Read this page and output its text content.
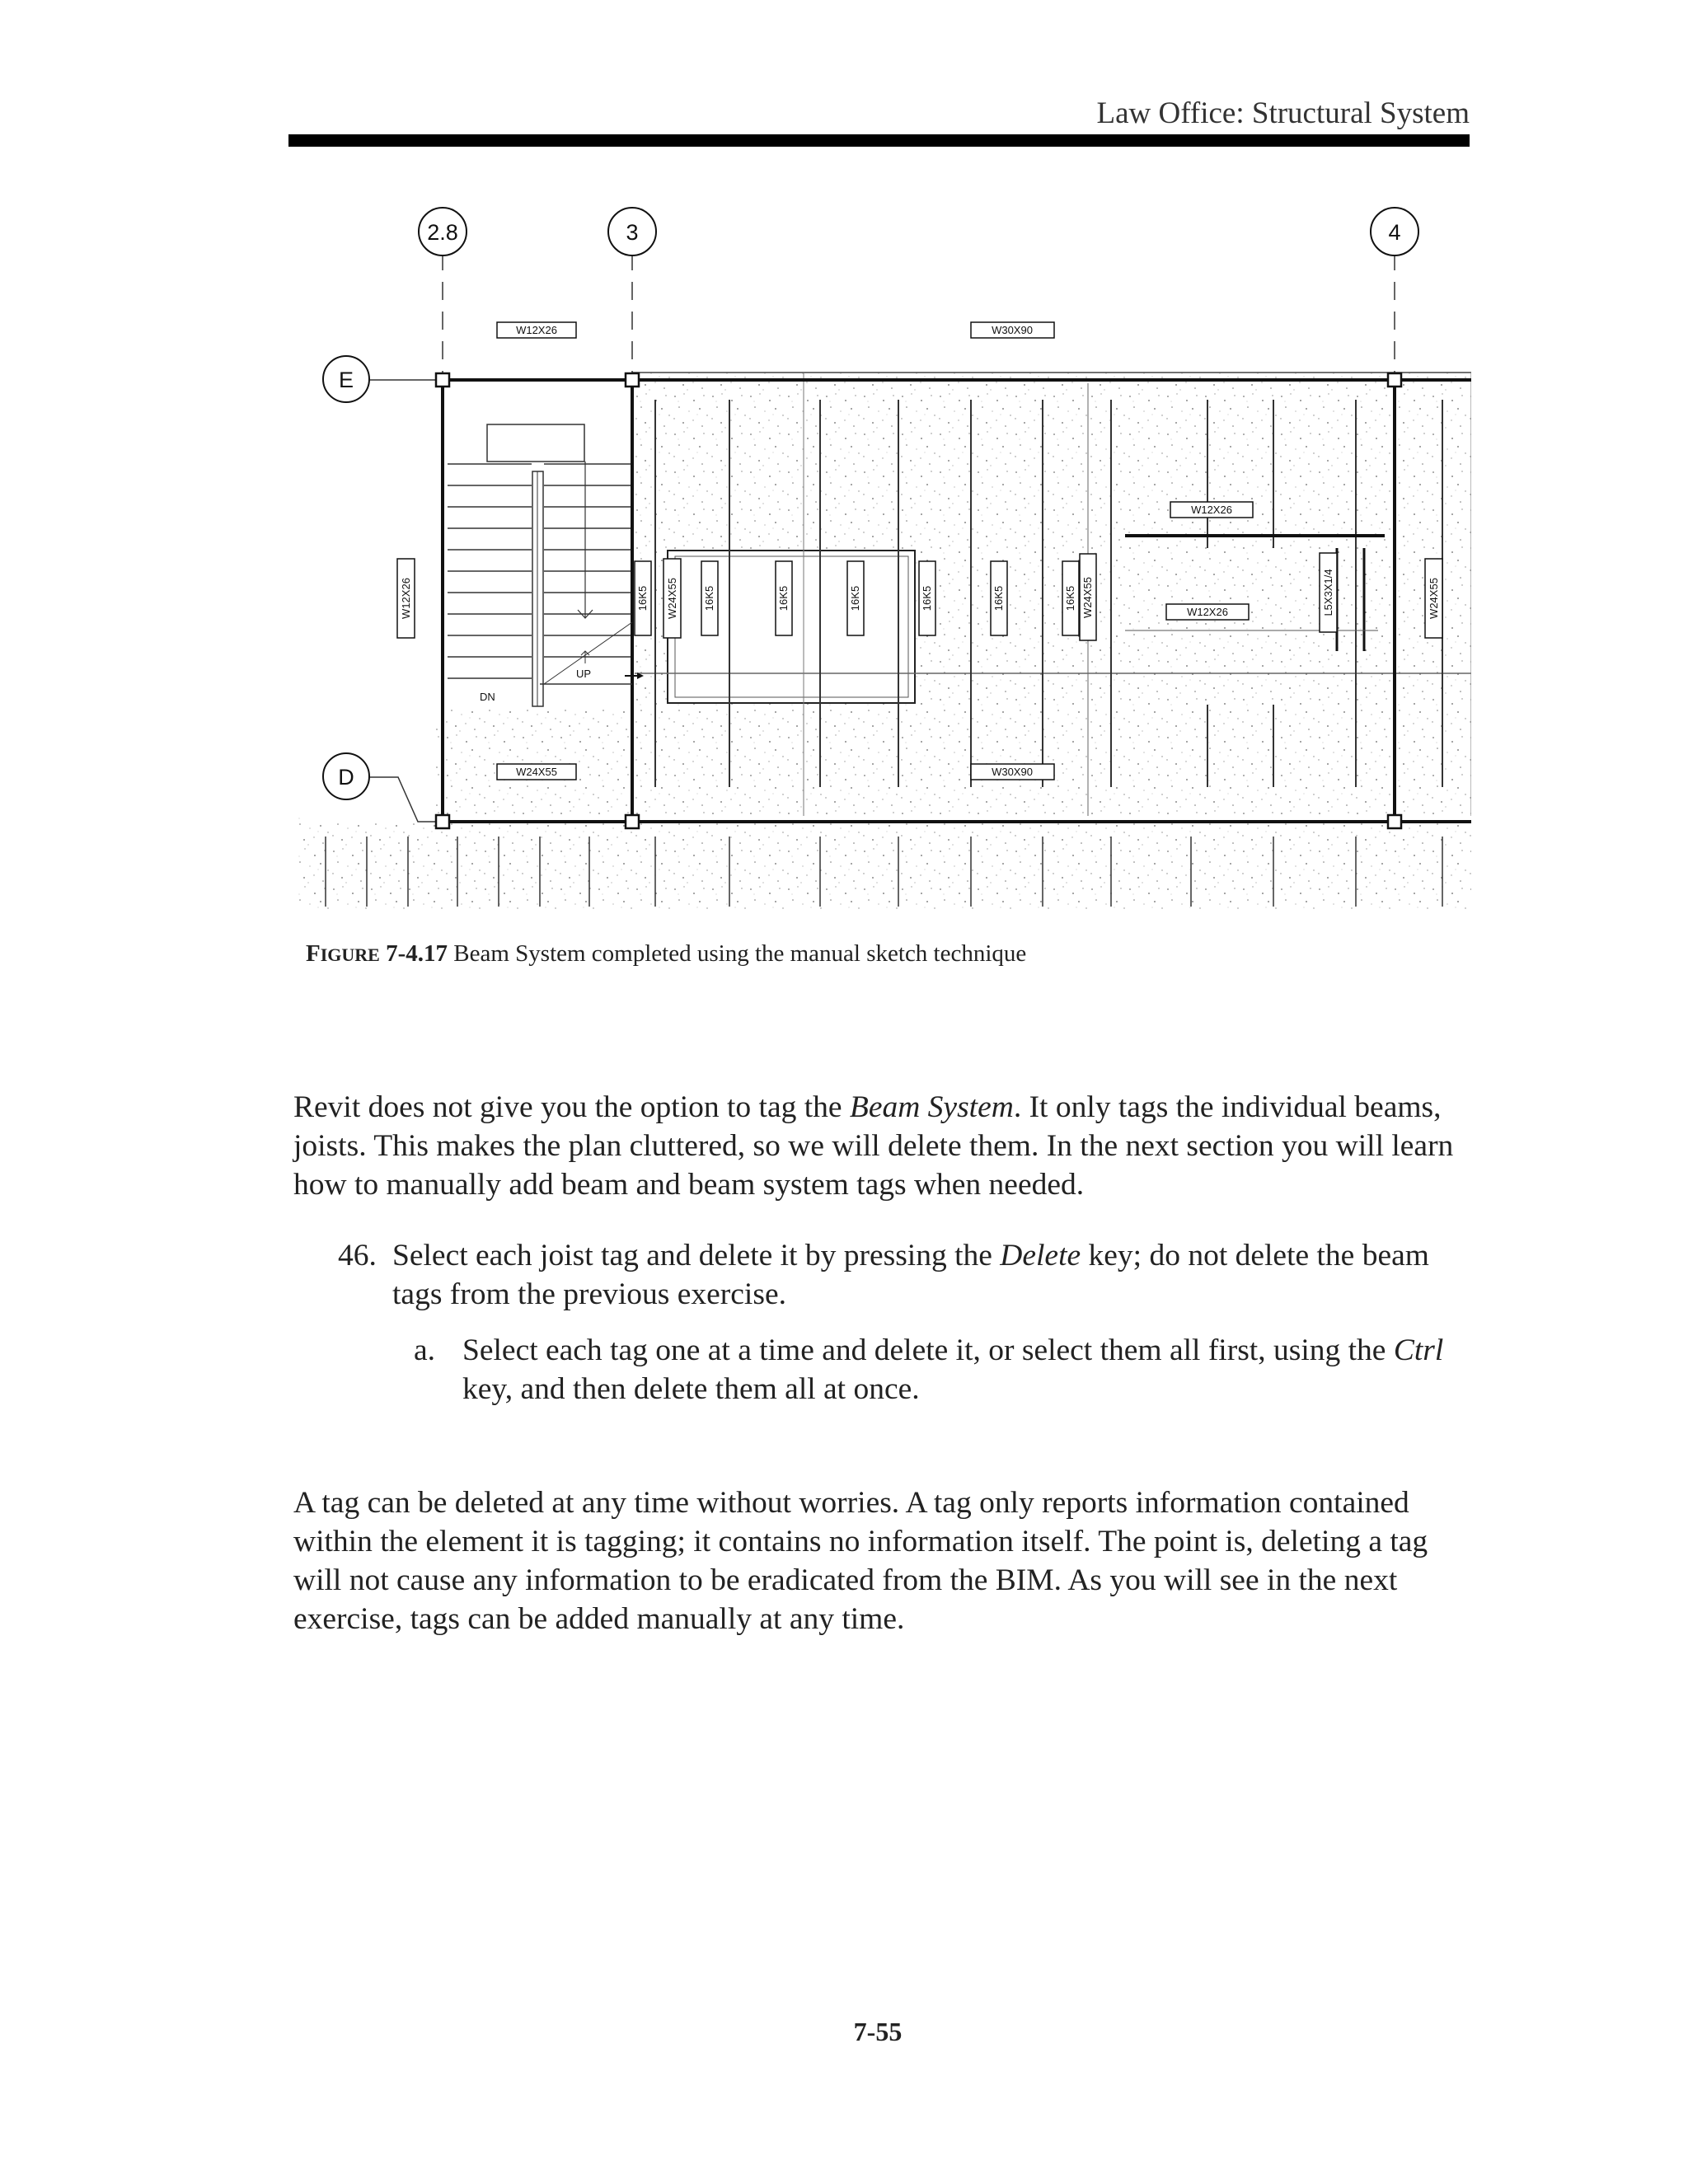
Law Office: Structural System
DN
UP
2.8	3	4
E
D
W12X26	W30X90
W24X55	W30X90
W12X26
W12X26
W12X26	L5X3X1/4	W24X55
16K5 W24X55 16K5	16K5	16K5	16K5	16K5	16K5 W24X55
FIGURE 7-4.17 Beam System completed using the manual sketch technique
Revit does not give you the option to tag the Beam System. It only tags the individual beams, joists. This makes the plan cluttered, so we will delete them. In the next section you will learn how to manually add beam and beam system tags when needed.
46. Select each joist tag and delete it by pressing the Delete key; do not delete the beam tags from the previous exercise.
a. Select each tag one at a time and delete it, or select them all first, using the Ctrl key, and then delete them all at once.
A tag can be deleted at any time without worries. A tag only reports information contained within the element it is tagging; it contains no information itself. The point is, deleting a tag will not cause any information to be eradicated from the BIM. As you will see in the next exercise, tags can be added manually at any time.
7-55
